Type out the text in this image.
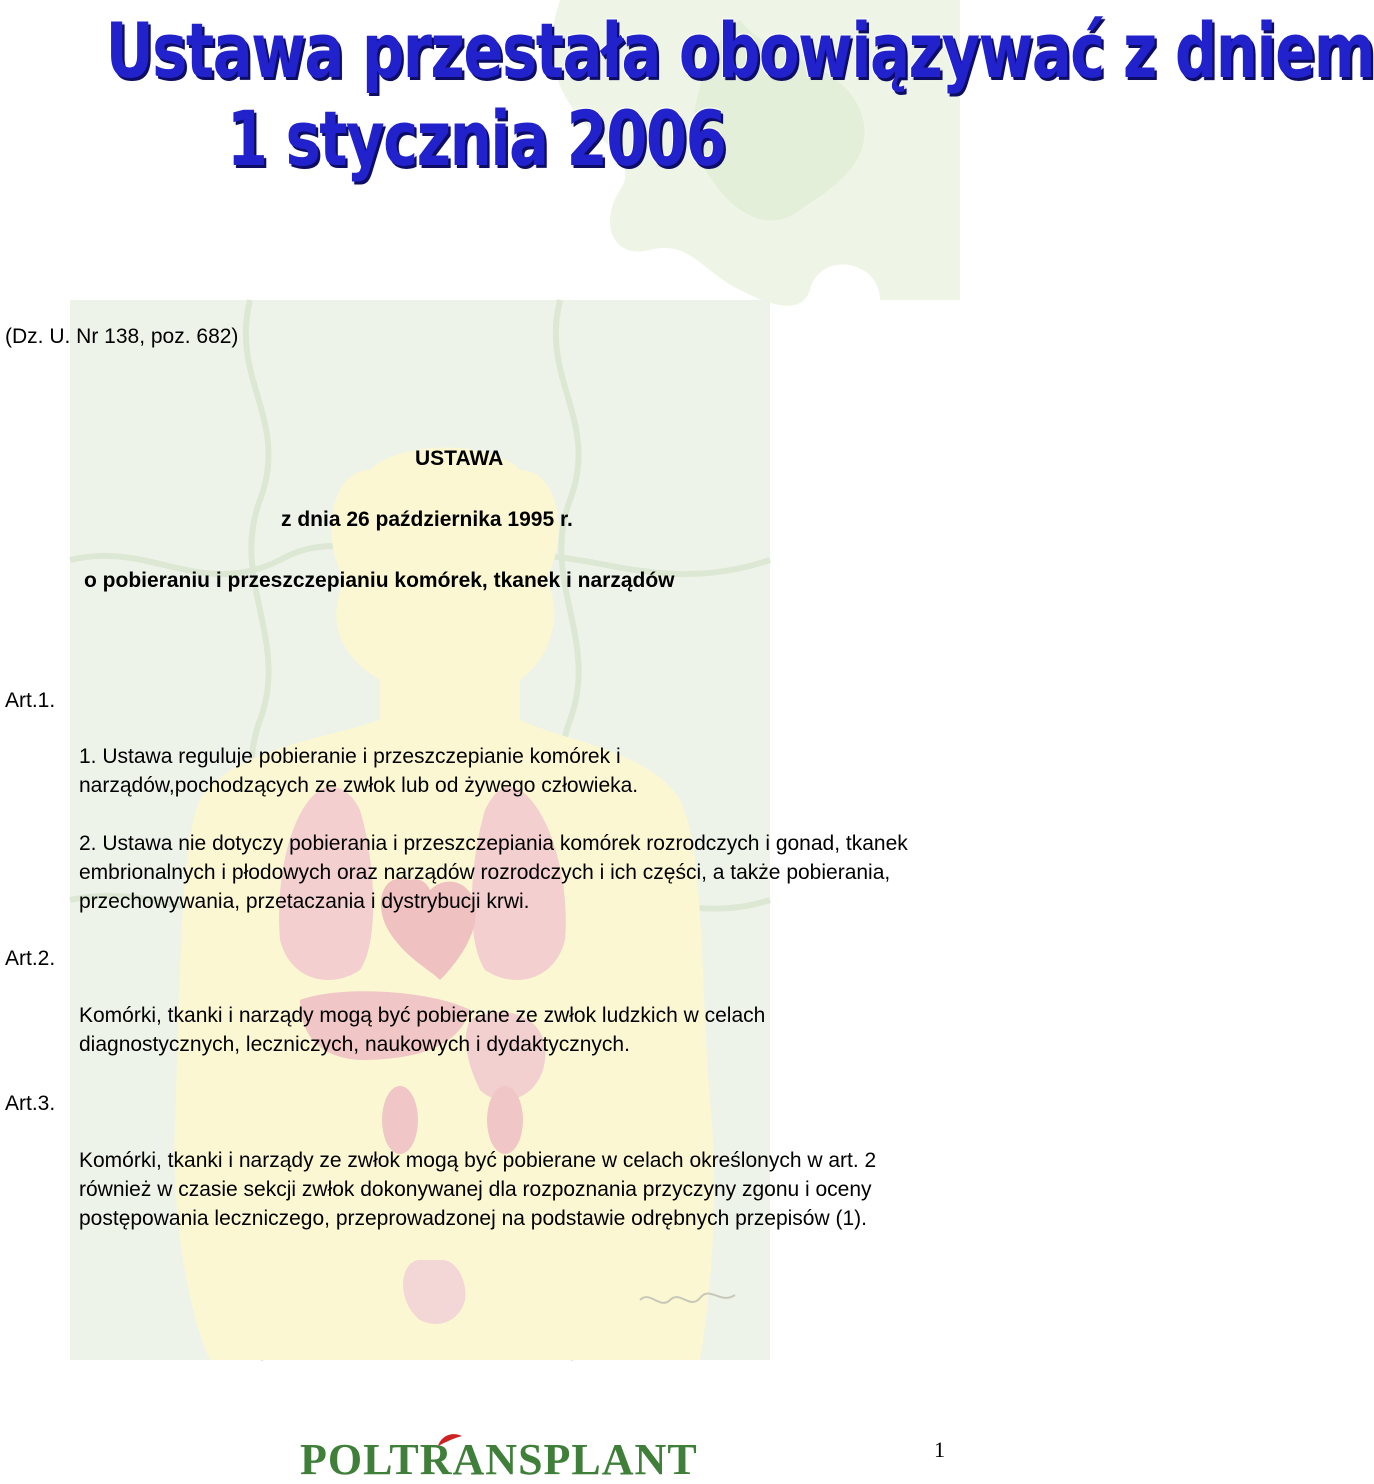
Ustawa przestała obowiązywać z dniem
1 stycznia 2006
(Dz. U. Nr 138, poz. 682)
USTAWA
z dnia 26 października 1995 r.
o pobieraniu i przeszczepianiu komórek, tkanek i narządów
Art.1.
Art.2.
Art.3.
1. Ustawa reguluje pobieranie i przeszczepianie komórek i narządów,pochodzących ze zwłok lub od żywego człowieka.
2. Ustawa nie dotyczy pobierania i przeszczepiania komórek rozrodczych i gonad, tkanek embrionalnych i płodowych oraz narządów rozrodczych i ich części, a także pobierania, przechowywania, przetaczania i dystrybucji krwi.
Komórki, tkanki i narządy mogą być pobierane ze zwłok ludzkich w celach diagnostycznych, leczniczych, naukowych i dydaktycznych.
Komórki, tkanki i narządy ze zwłok mogą być pobierane w celach określonych w art. 2 również w czasie sekcji zwłok dokonywanej dla rozpoznania przyczyny zgonu i oceny postępowania leczniczego, przeprowadzonej na podstawie odrębnych przepisów (1).
POLTRANSPLANT	1
